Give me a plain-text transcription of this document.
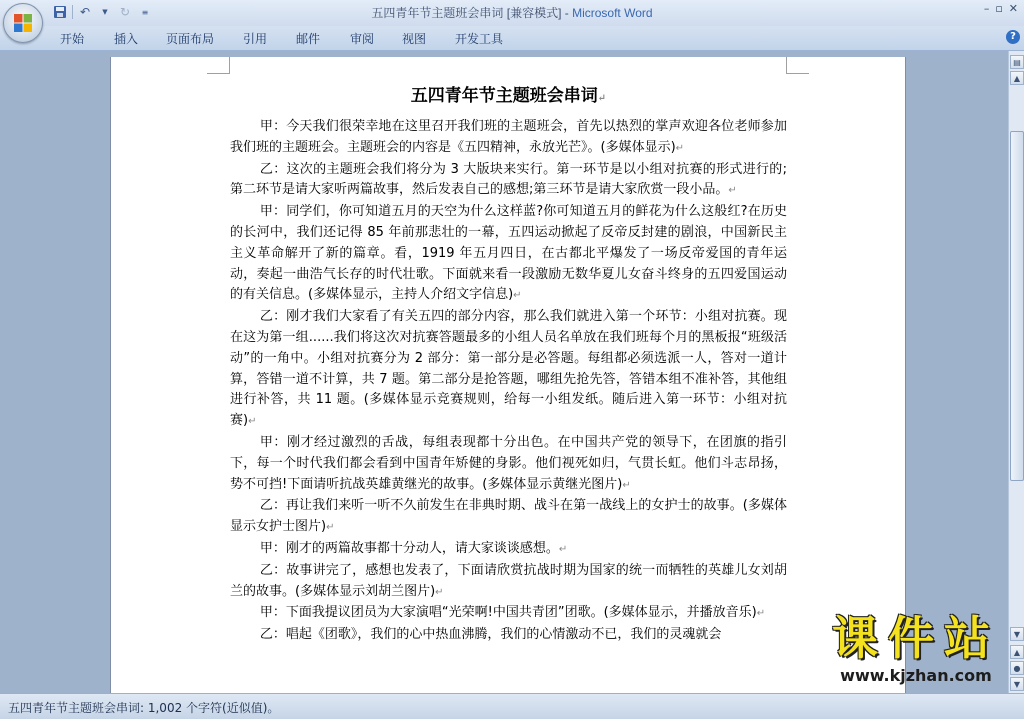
↶	▼	↻	≡	五四青年节主题班会串词 [兼容模式] - Microsoft Word	– ▫ ✕
开始 插入 页面布局 引用 邮件 审阅 视图 开发工具	?
五四青年节主题班会串词↵

甲：今天我们很荣幸地在这里召开我们班的主题班会，首先以热烈的掌声欢迎各位老师参加我们班的主题班会。主题班会的内容是《五四精神，永放光芒》。(多媒体显示)↵

乙：这次的主题班会我们将分为 3 大版块来实行。第一环节是以小组对抗赛的形式进行的;第二环节是请大家听两篇故事，然后发表自己的感想;第三环节是请大家欣赏一段小品。↵

甲：同学们，你可知道五月的天空为什么这样蓝?你可知道五月的鲜花为什么这般红?在历史的长河中，我们还记得 85 年前那悲壮的一幕，五四运动掀起了反帝反封建的剧浪，中国新民主主义革命解开了新的篇章。看，1919 年五月四日，在古都北平爆发了一场反帝爱国的青年运动，奏起一曲浩气长存的时代壮歌。下面就来看一段激励无数华夏儿女奋斗终身的五四爱国运动的有关信息。(多媒体显示，主持人介绍文字信息)↵

乙：刚才我们大家看了有关五四的部分内容，那么我们就进入第一个环节：小组对抗赛。现在这为第一组......我们将这次对抗赛答题最多的小组人员名单放在我们班每个月的黑板报“班级活动”的一角中。小组对抗赛分为 2 部分：第一部分是必答题。每组都必须选派一人，答对一道计算，答错一道不计算，共 7 题。第二部分是抢答题，哪组先抢先答，答错本组不准补答，其他组进行补答，共 11 题。(多媒体显示竞赛规则，给每一小组发纸。随后进入第一环节：小组对抗赛)↵

甲：刚才经过激烈的舌战，每组表现都十分出色。在中国共产党的领导下，在团旗的指引下，每一个时代我们都会看到中国青年矫健的身影。他们视死如归，气贯长虹。他们斗志昂扬，势不可挡!下面请听抗战英雄黄继光的故事。(多媒体显示黄继光图片)↵

乙：再让我们来听一听不久前发生在非典时期、战斗在第一战线上的女护士的故事。(多媒体显示女护士图片)↵

甲：刚才的两篇故事都十分动人，请大家谈谈感想。↵

乙：故事讲完了，感想也发表了，下面请欣赏抗战时期为国家的统一而牺牲的英雄儿女刘胡兰的故事。(多媒体显示刘胡兰图片)↵

甲：下面我提议团员为大家演唱“光荣啊!中国共青团”团歌。(多媒体显示，并播放音乐)↵

乙：唱起《团歌》，我们的心中热血沸腾，我们的心情激动不已，我们的灵魂就会

▤
▲
▼
▲
●
▼
五四青年节主题班会串词: 1,002 个字符(近似值)。
课件站
www.kjzhan.com
